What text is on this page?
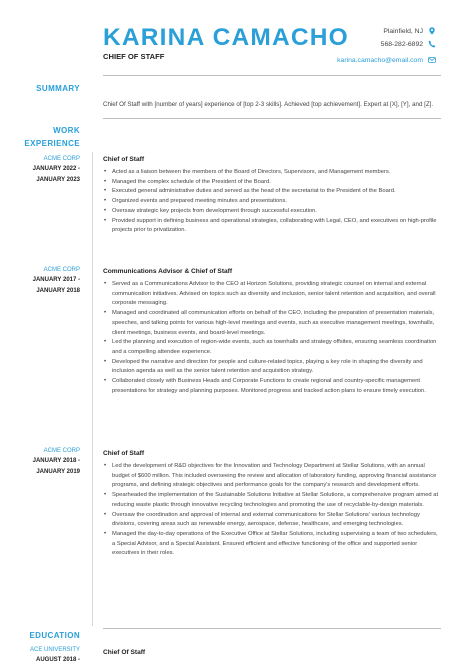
KARINA CAMACHO
CHIEF OF STAFF
Plainfield, NJ
568-282-6892
karina.camacho@email.com
SUMMARY
Chief Of Staff with [number of years] experience of [top 2-3 skills]. Achieved [top achievement]. Expert at [X], [Y], and [Z].
WORK
EXPERIENCE
ACME CORP
JANUARY 2022 -
JANUARY 2023
Chief of Staff
• Acted as a liaison between the members of the Board of Directors, Supervisors, and Management members.
• Managed the complex schedule of the President of the Board.
• Executed general administrative duties and served as the head of the secretariat to the President of the Board.
• Organized events and prepared meeting minutes and presentations.
• Oversaw strategic key projects from development through successful execution.
• Provided support in defining business and operational strategies, collaborating with Legal, CEO, and executives on high-profile projects prior to privatization.
ACME CORP
JANUARY 2017 -
JANUARY 2018
Communications Advisor & Chief of Staff
• Served as a Communications Advisor to the CEO at Horizon Solutions, providing strategic counsel on internal and external communication initiatives. Advised on topics such as diversity and inclusion, senior talent retention and acquisition, and overall corporate messaging.
• Managed and coordinated all communication efforts on behalf of the CEO, including the preparation of presentation materials, speeches, and talking points for various high-level meetings and events, such as executive management meetings, townhalls, client meetings, business events, and board-level meetings.
• Led the planning and execution of region-wide events, such as townhalls and strategy offsites, ensuring seamless coordination and a compelling attendee experience.
• Developed the narrative and direction for people and culture-related topics, playing a key role in shaping the diversity and inclusion agenda as well as the senior talent retention and acquisition strategy.
• Collaborated closely with Business Heads and Corporate Functions to create regional and country-specific management presentations for strategy and planning purposes. Monitored progress and tracked action plans to ensure timely execution.
ACME CORP
JANUARY 2018 -
JANUARY 2019
Chief of Staff
• Led the development of R&D objectives for the Innovation and Technology Department at Stellar Solutions, with an annual budget of $600 million. This included overseeing the review and allocation of laboratory funding, approving financial assistance programs, and defining strategic objectives and performance goals for the company's research and development efforts.
• Spearheaded the implementation of the Sustainable Solutions Initiative at Stellar Solutions, a comprehensive program aimed at reducing waste plastic through innovative recycling technologies and promoting the use of recyclable-by-design materials.
• Oversaw the coordination and approval of internal and external communications for Stellar Solutions' various technology divisions, covering areas such as renewable energy, aerospace, defense, healthcare, and emerging technologies.
• Managed the day-to-day operations of the Executive Office at Stellar Solutions, including supervising a team of two schedulers, a Special Advisor, and a Special Assistant. Ensured efficient and effective functioning of the office and supported senior executives in their roles.
EDUCATION
ACE UNIVERSITY
AUGUST 2018 -
Chief Of Staff
